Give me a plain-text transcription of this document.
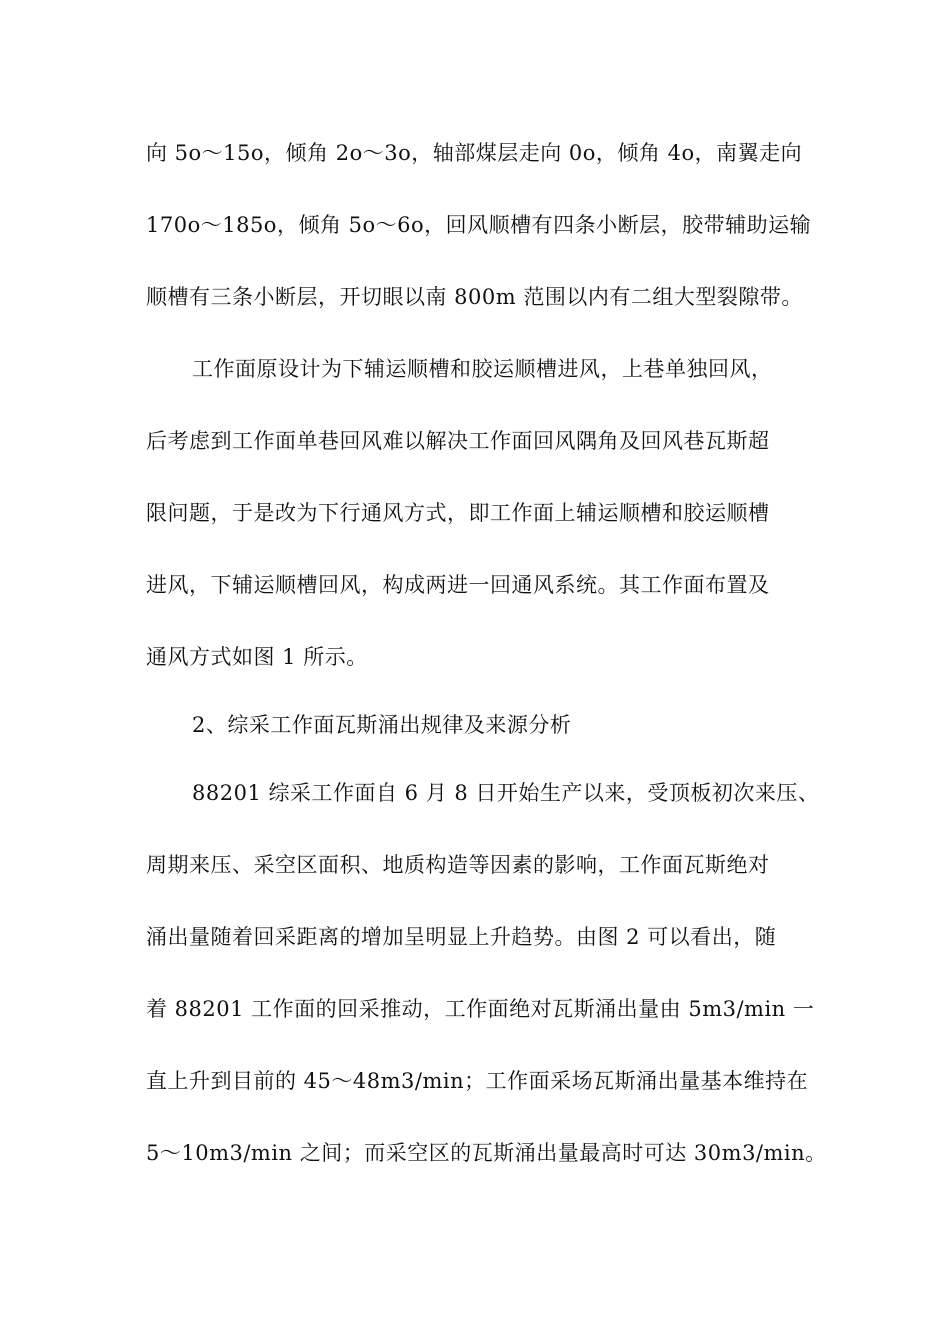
向 5o～15o，倾角 2o～3o，轴部煤层走向 0o，倾角 4o，南翼走向
170o～185o，倾角 5o～6o，回风顺槽有四条小断层，胶带辅助运输
顺槽有三条小断层，开切眼以南 800m 范围以内有二组大型裂隙带。
工作面原设计为下辅运顺槽和胶运顺槽进风，上巷单独回风，
后考虑到工作面单巷回风难以解决工作面回风隅角及回风巷瓦斯超
限问题，于是改为下行通风方式，即工作面上辅运顺槽和胶运顺槽
进风，下辅运顺槽回风，构成两进一回通风系统。其工作面布置及
通风方式如图 1 所示。
2、综采工作面瓦斯涌出规律及来源分析
88201 综采工作面自 6 月 8 日开始生产以来，受顶板初次来压、
周期来压、采空区面积、地质构造等因素的影响，工作面瓦斯绝对
涌出量随着回采距离的增加呈明显上升趋势。由图 2 可以看出，随
着 88201 工作面的回采推动，工作面绝对瓦斯涌出量由 5m3/min 一
直上升到目前的 45～48m3/min；工作面采场瓦斯涌出量基本维持在
5～10m3/min 之间；而采空区的瓦斯涌出量最高时可达 30m3/min。
